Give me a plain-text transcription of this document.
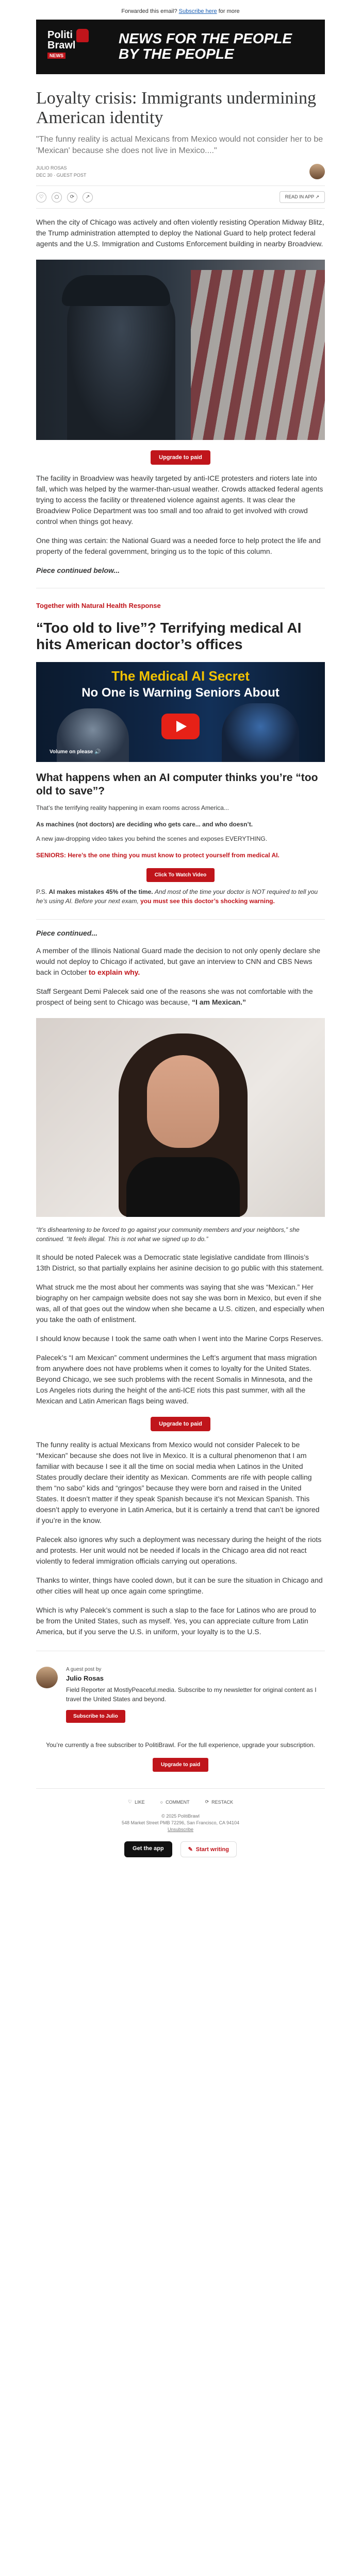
Forwarded this email? Subscribe here for more
Politi
Brawl
NEWS
NEWS FOR THE PEOPLE
BY THE PEOPLE
Loyalty crisis: Immigrants undermining American identity
"The funny reality is actual Mexicans from Mexico would not consider her to be 'Mexican' because she does not live in Mexico...."
JULIO ROSAS
DEC 30 · GUEST POST
♡	○	⟳	↗	READ IN APP ↗

When the city of Chicago was actively and often violently resisting Operation Midway Blitz, the Trump administration attempted to deploy the National Guard to help protect federal agents and the U.S. Immigration and Customs Enforcement building in nearby Broadview.

Upgrade to paid

The facility in Broadview was heavily targeted by anti-ICE protesters and rioters late into fall, which was helped by the warmer-than-usual weather. Crowds attacked federal agents trying to access the facility or threatened violence against agents. It was clear the Broadview Police Department was too small and too afraid to get involved with crowd control when things got heavy.

One thing was certain: the National Guard was a needed force to help protect the life and property of the federal government, bringing us to the topic of this column.

Piece continued below...

Together with Natural Health Response
“Too old to live”? Terrifying medical AI hits American doctor’s offices
The Medical AI Secret
No One is Warning Seniors About
Volume on please 🔊
What happens when an AI computer thinks you’re “too old to save”?

That’s the terrifying reality happening in exam rooms across America...

As machines (not doctors) are deciding who gets care... and who doesn’t.

A new jaw-dropping video takes you behind the scenes and exposes EVERYTHING.

SENIORS: Here’s the one thing you must know to protect yourself from medical AI.

Click To Watch Video

P.S. AI makes mistakes 45% of the time. And most of the time your doctor is NOT required to tell you he’s using AI. Before your next exam, you must see this doctor’s shocking warning.

Piece continued...

A member of the Illinois National Guard made the decision to not only openly declare she would not deploy to Chicago if activated, but gave an interview to CNN and CBS News back in October to explain why.

Staff Sergeant Demi Palecek said one of the reasons she was not comfortable with the prospect of being sent to Chicago was because, “I am Mexican.”

“It’s disheartening to be forced to go against your community members and your neighbors,” she continued. “It feels illegal. This is not what we signed up to do.”

It should be noted Palecek was a Democratic state legislative candidate from Illinois’s 13th District, so that partially explains her asinine decision to go public with this statement.

What struck me the most about her comments was saying that she was “Mexican.” Her biography on her campaign website does not say she was born in Mexico, but even if she was, all of that goes out the window when she became a U.S. citizen, and especially when you take the oath of enlistment.

I should know because I took the same oath when I went into the Marine Corps Reserves.

Palecek’s “I am Mexican” comment undermines the Left’s argument that mass migration from anywhere does not have problems when it comes to loyalty for the United States. Beyond Chicago, we see such problems with the recent Somalis in Minnesota, and the Los Angeles riots during the height of the anti-ICE riots this past summer, with all the Mexican and Latin American flags being waved.

Upgrade to paid

The funny reality is actual Mexicans from Mexico would not consider Palecek to be “Mexican” because she does not live in Mexico. It is a cultural phenomenon that I am familiar with because I see it all the time on social media when Latinos in the United States proudly declare their identity as Mexican. Comments are rife with people calling them “no sabo” kids and “gringos” because they were born and raised in the United States. It doesn’t matter if they speak Spanish because it’s not Mexican Spanish. This doesn’t apply to everyone in Latin America, but it is certainly a trend that can’t be ignored if you’re in the know.

Palecek also ignores why such a deployment was necessary during the height of the riots and protests. Her unit would not be needed if locals in the Chicago area did not react violently to federal immigration officials carrying out operations.

Thanks to winter, things have cooled down, but it can be sure the situation in Chicago and other cities will heat up once again come springtime.

Which is why Palecek’s comment is such a slap to the face for Latinos who are proud to be from the United States, such as myself. Yes, you can appreciate culture from Latin America, but if you serve the U.S. in uniform, your loyalty is to the U.S.

A guest post by
Julio Rosas
Field Reporter at MostlyPeaceful.media. Subscribe to my newsletter for original content as I travel the United States and beyond.
Subscribe to Julio
You’re currently a free subscriber to PolitiBrawl. For the full experience, upgrade your subscription.
Upgrade to paid
♡ LIKE	○ COMMENT	⟳ RESTACK
© 2025 PolitiBrawl
548 Market Street PMB 72296, San Francisco, CA 94104
Unsubscribe
Get the app	✎ Start writing
